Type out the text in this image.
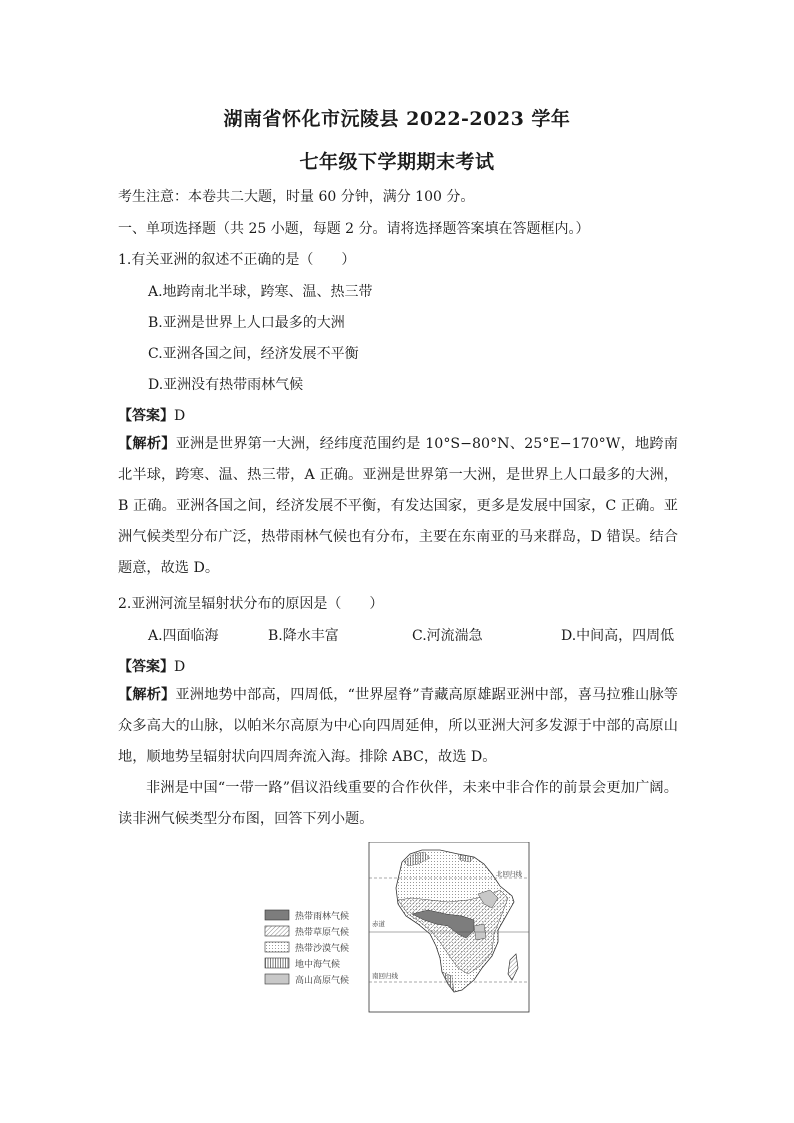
湖南省怀化市沅陵县 2022-2023 学年
七年级下学期期末考试
考生注意：本卷共二大题，时量 60 分钟，满分 100 分。
一、单项选择题（共 25 小题，每题 2 分。请将选择题答案填在答题框内。）
1.有关亚洲的叙述不正确的是（　　）
A.地跨南北半球，跨寒、温、热三带
B.亚洲是世界上人口最多的大洲
C.亚洲各国之间，经济发展不平衡
D.亚洲没有热带雨林气候
【答案】D
【解析】亚洲是世界第一大洲，经纬度范围约是 10°S−80°N、25°E−170°W，地跨南北半球，跨寒、温、热三带，A 正确。亚洲是世界第一大洲，是世界上人口最多的大洲，B 正确。亚洲各国之间，经济发展不平衡，有发达国家，更多是发展中国家，C 正确。亚洲气候类型分布广泛，热带雨林气候也有分布，主要在东南亚的马来群岛，D 错误。结合题意，故选 D。
2.亚洲河流呈辐射状分布的原因是（　　）
A.四面临海	B.降水丰富	C.河流湍急	D.中间高，四周低
【答案】D
【解析】亚洲地势中部高，四周低，“世界屋脊”青藏高原雄踞亚洲中部，喜马拉雅山脉等众多高大的山脉，以帕米尔高原为中心向四周延伸，所以亚洲大河多发源于中部的高原山地，顺地势呈辐射状向四周奔流入海。排除 ABC，故选 D。
非洲是中国“一带一路”倡议沿线重要的合作伙伴，未来中非合作的前景会更加广阔。读非洲气候类型分布图，回答下列小题。
热带雨林气候
热带草原气候
热带沙漠气候
地中海气候
高山高原气候
北回归线
赤道
南回归线
